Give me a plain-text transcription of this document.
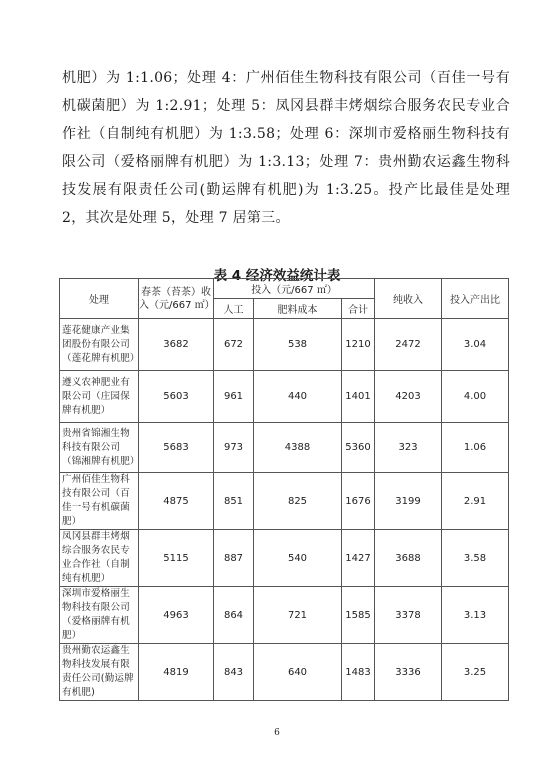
机肥）为 1:1.06；处理 4：广州佰佳生物科技有限公司（百佳一号有机碳菌肥）为 1:2.91；处理 5：凤冈县群丰烤烟综合服务农民专业合作社（自制纯有机肥）为 1:3.58；处理 6：深圳市爱格丽生物科技有限公司（爱格丽牌有机肥）为 1:3.13；处理 7：贵州勤农运鑫生物科技发展有限责任公司(勤运牌有机肥)为 1:3.25。投产比最佳是处理 2，其次是处理 5，处理 7 居第三。

表 4 经济效益统计表
处理	春茶（苔茶）收入（元/667 ㎡）	投入（元/667 ㎡）			纯收入	投入产出比
		人工	肥料成本	合计		
莲花健康产业集团股份有限公司（莲花牌有机肥）	3682	672	538	1210	2472	3.04
遵义农神肥业有限公司（庄园保牌有机肥）	5603	961	440	1401	4203	4.00
贵州省锦湘生物科技有限公司（锦湘牌有机肥）	5683	973	4388	5360	323	1.06
广州佰佳生物科技有限公司（百佳一号有机碳菌肥）	4875	851	825	1676	3199	2.91
凤冈县群丰烤烟综合服务农民专业合作社（自制纯有机肥）	5115	887	540	1427	3688	3.58
深圳市爱格丽生物科技有限公司（爱格丽牌有机肥）	4963	864	721	1585	3378	3.13
贵州勤农运鑫生物科技发展有限责任公司(勤运牌有机肥)	4819	843	640	1483	3336	3.25
6
